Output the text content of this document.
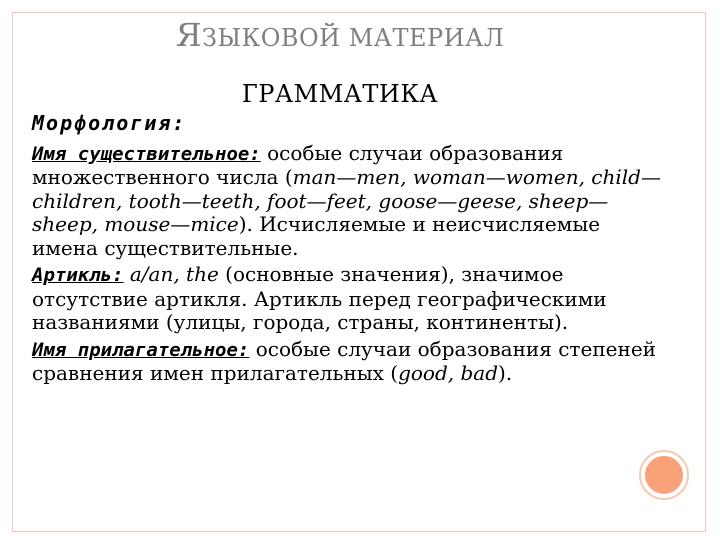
ЯЗЫКОВОЙ МАТЕРИАЛ
ГРАММАТИКА
Морфология:

Имя существительное: особые случаи образования множественного числа (man—men, woman—women, child—children, tooth—teeth, foot—feet, goose—geese, sheep—sheep, mouse—mice). Исчисляемые и неисчисляемые имена существительные.

Артикль: a/an, the (основные значения), значимое отсутствие артикля. Артикль перед географическими названиями (улицы, города, страны, континенты).

Имя прилагательное: особые случаи образования степеней сравнения имен прилагательных (good, bad).
